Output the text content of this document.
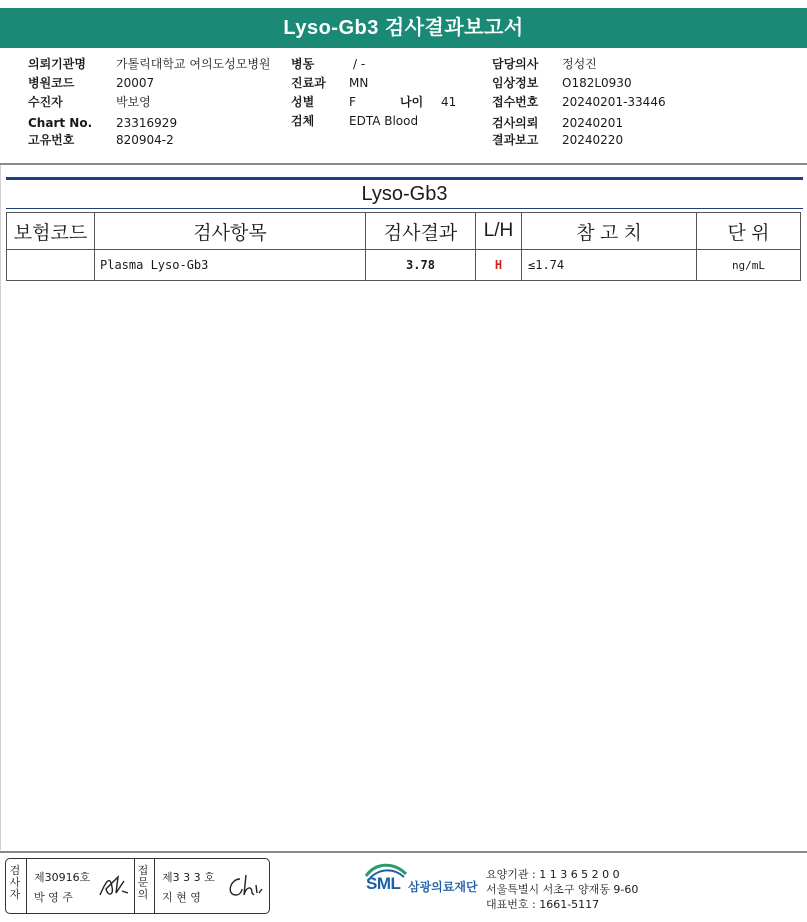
Lyso-Gb3 검사결과보고서
의뢰기관명	가톨릭대학교 여의도성모병원
병원코드	20007
수진자	박보영
Chart No. 23316929
고유번호	820904-2
병동	/ -
진료과 MN
성별	F	나이 41
검체	EDTA Blood
담당의사 정성진
임상정보 O182L0930
접수번호 20240201-33446
검사의뢰 20240201
결과보고 20240220
Lyso-Gb3
보험코드	검사항목	검사결과	L/H	참 고 치	단 위
	Plasma Lyso-Gb3	3.78	H	≤1.74	ng/mL
검
사
자
제30916호
박 영 주
접
문
의
제3 3 3 호
지 현 영
SML 삼광의료재단
요양기관 : 1 1 3 6 5 2 0 0
서울특별시 서초구 양재동 9-60
대표번호 : 1661-5117
